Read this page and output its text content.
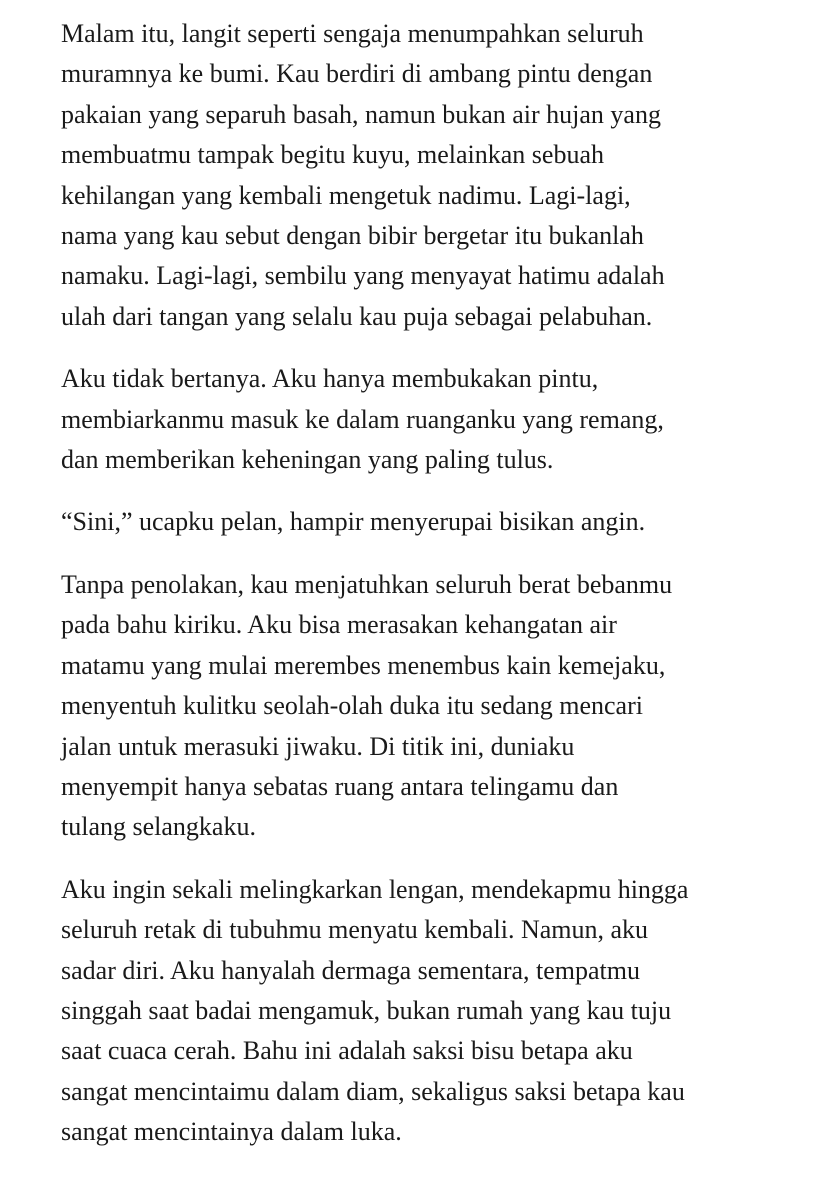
Malam itu, langit seperti sengaja menumpahkan seluruh
muramnya ke bumi. Kau berdiri di ambang pintu dengan
pakaian yang separuh basah, namun bukan air hujan yang
membuatmu tampak begitu kuyu, melainkan sebuah
kehilangan yang kembali mengetuk nadimu. Lagi-lagi,
nama yang kau sebut dengan bibir bergetar itu bukanlah
namaku. Lagi-lagi, sembilu yang menyayat hatimu adalah
ulah dari tangan yang selalu kau puja sebagai pelabuhan.

Aku tidak bertanya. Aku hanya membukakan pintu,
membiarkanmu masuk ke dalam ruanganku yang remang,
dan memberikan keheningan yang paling tulus.

“Sini,” ucapku pelan, hampir menyerupai bisikan angin.

Tanpa penolakan, kau menjatuhkan seluruh berat bebanmu
pada bahu kiriku. Aku bisa merasakan kehangatan air
matamu yang mulai merembes menembus kain kemejaku,
menyentuh kulitku seolah-olah duka itu sedang mencari
jalan untuk merasuki jiwaku. Di titik ini, duniaku
menyempit hanya sebatas ruang antara telingamu dan
tulang selangkaku.

Aku ingin sekali melingkarkan lengan, mendekapmu hingga
seluruh retak di tubuhmu menyatu kembali. Namun, aku
sadar diri. Aku hanyalah dermaga sementara, tempatmu
singgah saat badai mengamuk, bukan rumah yang kau tuju
saat cuaca cerah. Bahu ini adalah saksi bisu betapa aku
sangat mencintaimu dalam diam, sekaligus saksi betapa kau
sangat mencintainya dalam luka.
